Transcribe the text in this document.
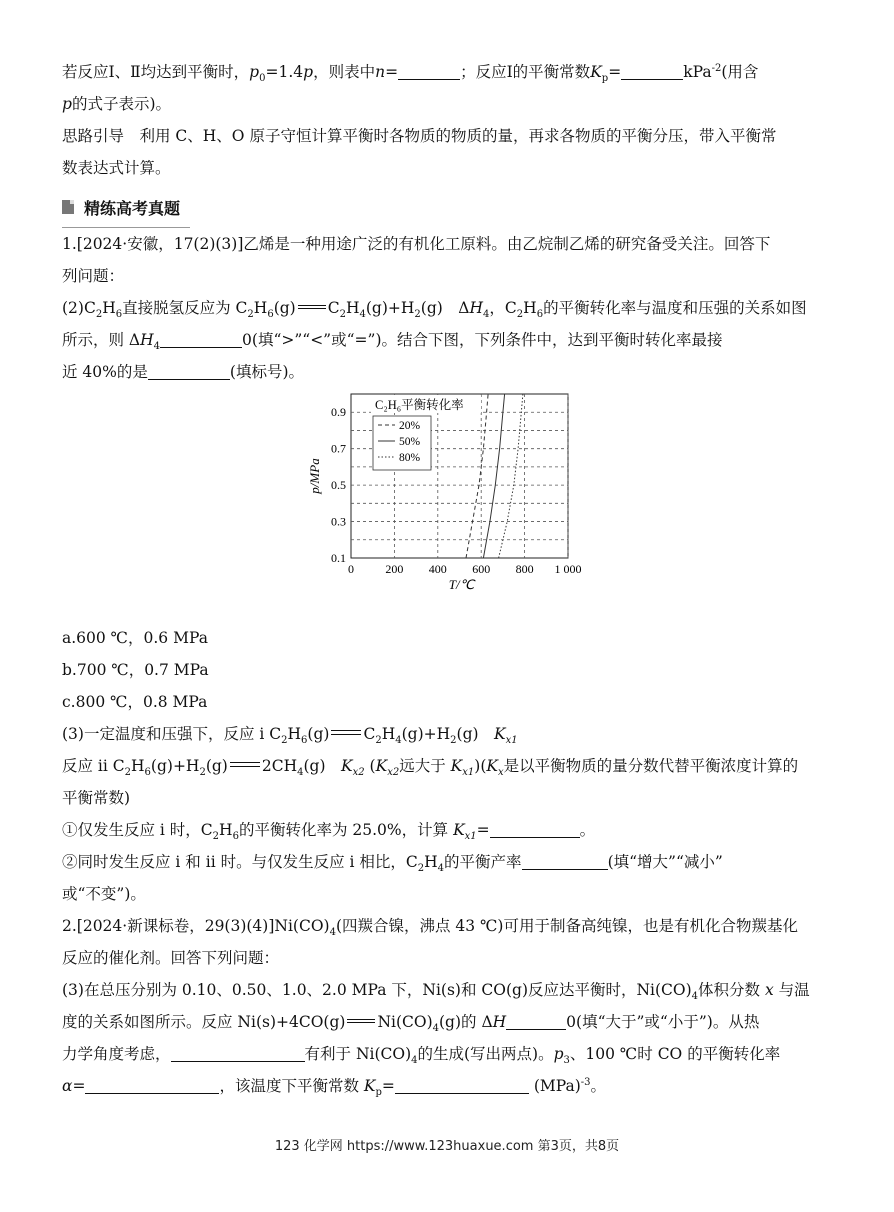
若反应Ⅰ、Ⅱ均达到平衡时，$p_0=1.4p$，则表中n=	；反应Ⅰ的平衡常数$K_p=$	kPa$^{-2}$(用含
p的式子表示)。
思路引导　利用 C、H、O 原子守恒计算平衡时各物质的物质的量，再求各物质的平衡分压，带入平衡常
数表达式计算。
精练高考真题
1.[2024·安徽，17(2)(3)]乙烯是一种用途广泛的有机化工原料。由乙烷制乙烯的研究备受关注。回答下
列问题：
$(2)C_2H_6$直接脱氢反应为 $C_2H_6(g)$ $C_2H_4(g)+H_2(g)$　$\Delta H_4$，$C_2H_6$的平衡转化率与温度和压强的关系如图
所示，则 $\Delta H_4$	0(填“>”“<”或“=”)。结合下图，下列条件中，达到平衡时转化率最接
近 40%的是	(填标号)。
0	200 400 600 800 1 000
0.1
0.3
0.5
0.7
0.9
T/℃
p/MPa
C₂H₆平衡转化率
20%
50%
80%
a.600 ℃，0.6 MPa
b.700 ℃，0.7 MPa
c.800 ℃，0.8 MPa
(3)一定温度和压强下，反应 i $C_2H_6(g)$ $C_2H_4(g)+H_2(g)$　$K_{x1}$
反应 ii $C_2H_6(g)+H_2(g)$ $2CH_4(g)$　$K_{x2}$ ($K_{x2}$远大于 $K_{x1})(K_x$是以平衡物质的量分数代替平衡浓度计算的
平衡常数)
①仅发生反应 i 时，$C_2H_6$的平衡转化率为 25.0%，计算 $K_{x1}=$	。
②同时发生反应 i 和 ii 时。与仅发生反应 i 相比，$C_2H_4$的平衡产率	(填“增大”“减小”
或“不变”)。
2.[2024·新课标卷，$29(3)(4)]Ni(CO)_4$(四羰合镍，沸点 43 ℃)可用于制备高纯镍，也是有机化合物羰基化
反应的催化剂。回答下列问题：
(3)在总压分别为 0.10、0.50、1.0、2.0 MPa 下，Ni(s)和 CO(g)反应达平衡时，$Ni(CO)_4$体积分数 x 与温
度的关系如图所示。反应 Ni(s)+4CO(g) $Ni(CO)_4(g)$的 ΔH	0(填“大于”或“小于”)。从热
力学角度考虑，	有利于 $Ni(CO)_4$的生成(写出两点)。$p_3$、100 ℃时 CO 的平衡转化率
α=	，该温度下平衡常数 $K_p=$	(MPa)$^{-3}$。
123 化学网 https://www.123huaxue.com 第3页，共8页
